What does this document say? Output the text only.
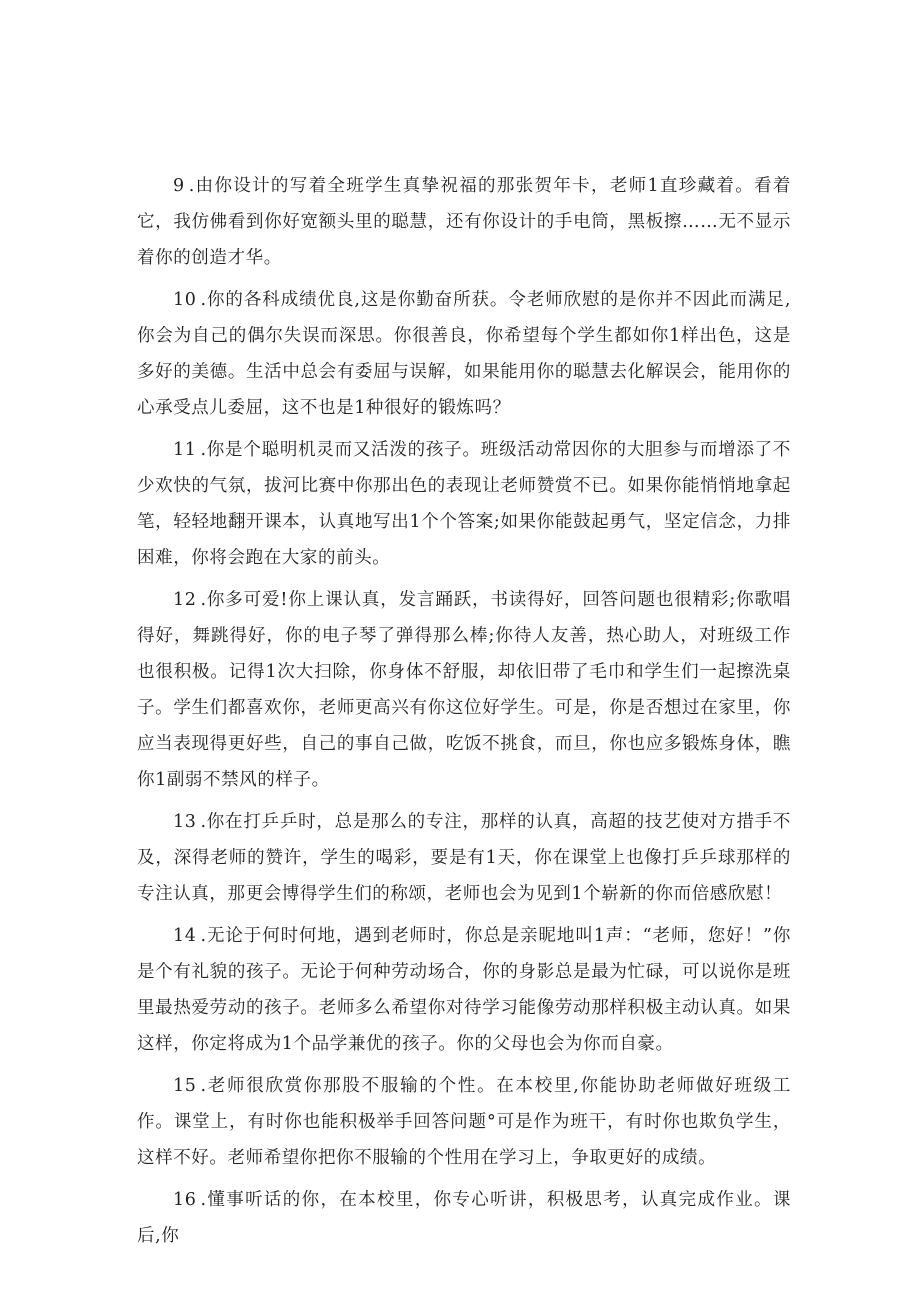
9 .由你设计的写着全班学生真挚祝福的那张贺年卡，老师1直珍藏着。看着它，我仿佛看到你好宽额头里的聪慧，还有你设计的手电筒，黑板擦……无不显示着你的创造才华。

10 .你的各科成绩优良,这是你勤奋所获。令老师欣慰的是你并不因此而满足,你会为自己的偶尔失误而深思。你很善良，你希望每个学生都如你1样出色，这是多好的美德。生活中总会有委屈与误解，如果能用你的聪慧去化解误会，能用你的心承受点儿委屈，这不也是1种很好的锻炼吗？

11 .你是个聪明机灵而又活泼的孩子。班级活动常因你的大胆参与而增添了不少欢快的气氛，拔河比赛中你那出色的表现让老师赞赏不已。如果你能悄悄地拿起笔，轻轻地翻开课本，认真地写出1个个答案;如果你能鼓起勇气，坚定信念，力排困难，你将会跑在大家的前头。

12 .你多可爱!你上课认真，发言踊跃，书读得好，回答问题也很精彩;你歌唱得好，舞跳得好，你的电子琴了弹得那么棒;你待人友善，热心助人，对班级工作也很积极。记得1次大扫除，你身体不舒服，却依旧带了毛巾和学生们一起擦洗桌子。学生们都喜欢你，老师更高兴有你这位好学生。可是，你是否想过在家里，你应当表现得更好些，自己的事自己做，吃饭不挑食，而旦，你也应多锻炼身体，瞧你1副弱不禁风的样子。

13 .你在打乒乒时，总是那么的专注，那样的认真，高超的技艺使对方措手不及，深得老师的赞许，学生的喝彩，要是有1天，你在课堂上也像打乒乒球那样的专注认真，那更会博得学生们的称颂，老师也会为见到1个崭新的你而倍感欣慰！

14 .无论于何时何地，遇到老师时，你总是亲昵地叫1声：“老师，您好！”你是个有礼貌的孩子。无论于何种劳动场合，你的身影总是最为忙碌，可以说你是班里最热爱劳动的孩子。老师多么希望你对待学习能像劳动那样积极主动认真。如果这样，你定将成为1个品学兼优的孩子。你的父母也会为你而自豪。

15 .老师很欣赏你那股不服输的个性。在本校里,你能协助老师做好班级工作。课堂上，有时你也能积极举手回答问题°可是作为班干，有时你也欺负学生，这样不好。老师希望你把你不服输的个性用在学习上，争取更好的成绩。

16 .懂事听话的你，在本校里，你专心听讲，积极思考，认真完成作业。课后,你
